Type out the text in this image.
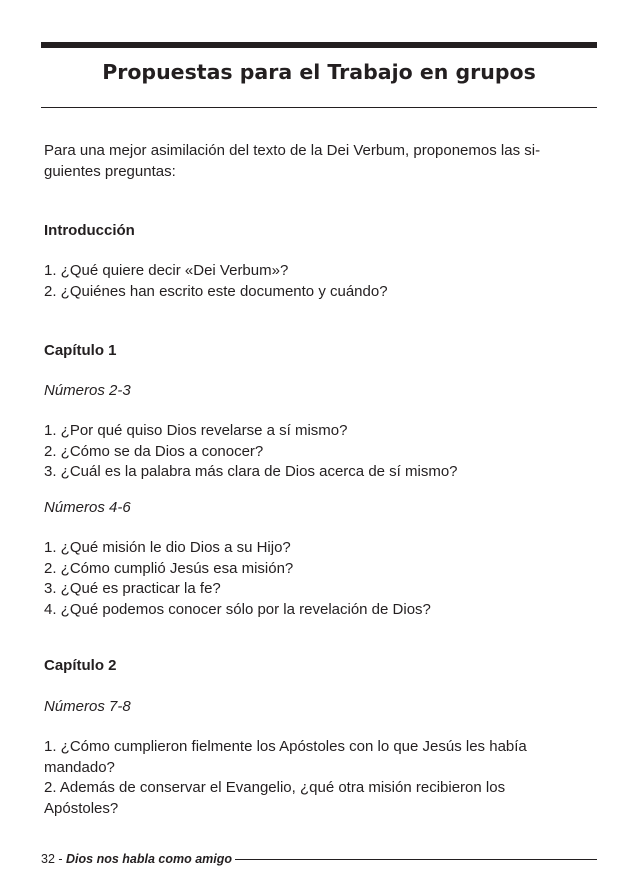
Propuestas para el Trabajo en grupos
Para una mejor asimilación del texto de la Dei Verbum, proponemos las si-
guientes preguntas:
Introducción
1. ¿Qué quiere decir «Dei Verbum»?
2. ¿Quiénes han escrito este documento y cuándo?
Capítulo 1
Números 2-3
1. ¿Por qué quiso Dios revelarse a sí mismo?
2. ¿Cómo se da Dios a conocer?
3. ¿Cuál es la palabra más clara de Dios acerca de sí mismo?
Números 4-6
1. ¿Qué misión le dio Dios a su Hijo?
2. ¿Cómo cumplió Jesús esa misión?
3. ¿Qué es practicar la fe?
4. ¿Qué podemos conocer sólo por la revelación de Dios?
Capítulo 2
Números 7-8
1. ¿Cómo cumplieron fielmente los Apóstoles con lo que Jesús les había
mandado?
2. Además de conservar el Evangelio, ¿qué otra misión recibieron los
Apóstoles?
32 - Dios nos habla como amigo
